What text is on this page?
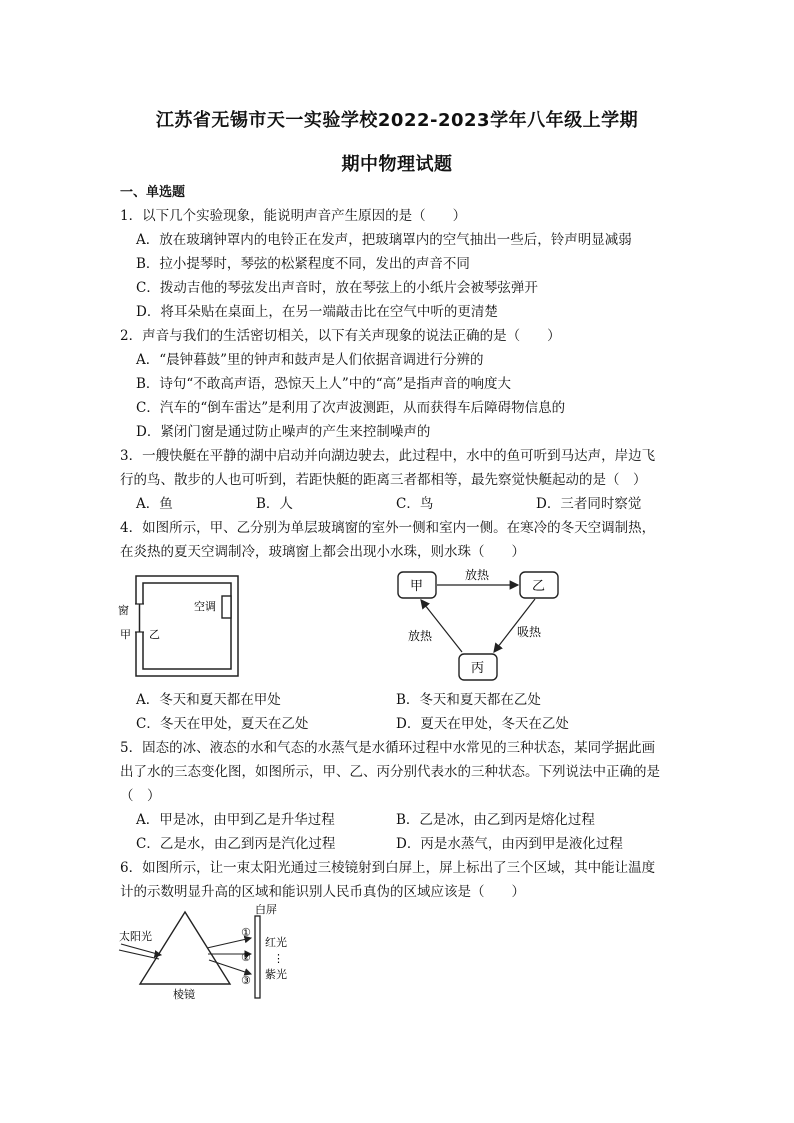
江苏省无锡市天一实验学校2022-2023学年八年级上学期
期中物理试题
一、单选题
1．以下几个实验现象，能说明声音产生原因的是（　　）
A．放在玻璃钟罩内的电铃正在发声，把玻璃罩内的空气抽出一些后，铃声明显减弱
B．拉小提琴时，琴弦的松紧程度不同，发出的声音不同
C．拨动吉他的琴弦发出声音时，放在琴弦上的小纸片会被琴弦弹开
D．将耳朵贴在桌面上，在另一端敲击比在空气中听的更清楚
2．声音与我们的生活密切相关，以下有关声现象的说法正确的是（　　）
A．“晨钟暮鼓”里的钟声和鼓声是人们依据音调进行分辨的
B．诗句“不敢高声语，恐惊天上人”中的“高”是指声音的响度大
C．汽车的“倒车雷达”是利用了次声波测距，从而获得车后障碍物信息的
D．紧闭门窗是通过防止噪声的产生来控制噪声的
3．一艘快艇在平静的湖中启动并向湖边驶去，此过程中，水中的鱼可听到马达声，岸边飞
行的鸟、散步的人也可听到，若距快艇的距离三者都相等，最先察觉快艇起动的是（　）
A．鱼	B．人	C．鸟	D．三者同时察觉
4．如图所示，甲、乙分别为单层玻璃窗的室外一侧和室内一侧。在寒冷的冬天空调制热，
在炎热的夏天空调制冷，玻璃窗上都会出现小水珠，则水珠（　　）
窗
甲 乙
空调
甲	乙
丙
放热
放热	吸热
A．冬天和夏天都在甲处	B．冬天和夏天都在乙处
C．冬天在甲处，夏天在乙处	D．夏天在甲处，冬天在乙处
5．固态的冰、液态的水和气态的水蒸气是水循环过程中水常见的三种状态，某同学据此画
出了水的三态变化图，如图所示，甲、乙、丙分别代表水的三种状态。下列说法中正确的是
（　）
A．甲是冰，由甲到乙是升华过程	B．乙是冰，由乙到丙是熔化过程
C．乙是水，由乙到丙是汽化过程	D．丙是水蒸气，由丙到甲是液化过程
6．如图所示，让一束太阳光通过三棱镜射到白屏上，屏上标出了三个区域，其中能让温度
计的示数明显升高的区域和能识别人民币真伪的区域应该是（　　）
太阳光
棱镜
白屏
①
②
③
红光
⋮
紫光
